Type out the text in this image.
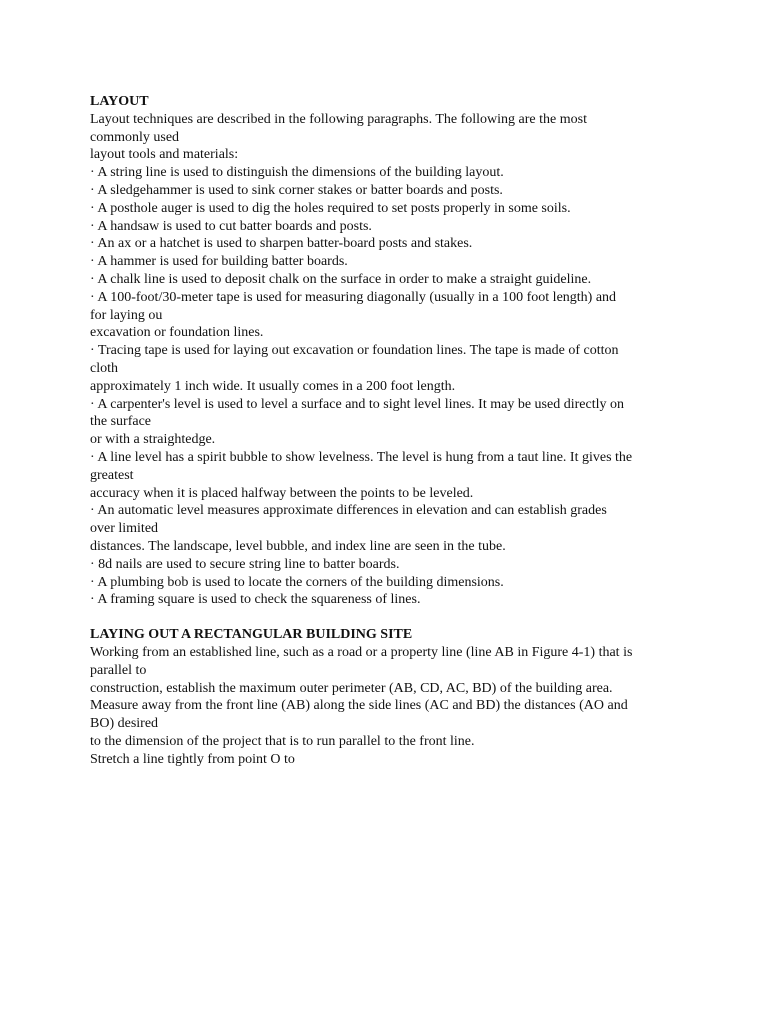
LAYOUT

Layout techniques are described in the following paragraphs. The following are the most

commonly used

layout tools and materials:

· A string line is used to distinguish the dimensions of the building layout.

· A sledgehammer is used to sink corner stakes or batter boards and posts.

· A posthole auger is used to dig the holes required to set posts properly in some soils.

· A handsaw is used to cut batter boards and posts.

· An ax or a hatchet is used to sharpen batter-board posts and stakes.

· A hammer is used for building batter boards.

· A chalk line is used to deposit chalk on the surface in order to make a straight guideline.

· A 100-foot/30-meter tape is used for measuring diagonally (usually in a 100 foot length) and

for laying ou

excavation or foundation lines.

· Tracing tape is used for laying out excavation or foundation lines. The tape is made of cotton

cloth

approximately 1 inch wide. It usually comes in a 200 foot length.

· A carpenter's level is used to level a surface and to sight level lines. It may be used directly on

the surface

or with a straightedge.

· A line level has a spirit bubble to show levelness. The level is hung from a taut line. It gives the

greatest

accuracy when it is placed halfway between the points to be leveled.

· An automatic level measures approximate differences in elevation and can establish grades

over limited

distances. The landscape, level bubble, and index line are seen in the tube.

· 8d nails are used to secure string line to batter boards.

· A plumbing bob is used to locate the corners of the building dimensions.

· A framing square is used to check the squareness of lines.

LAYING OUT A RECTANGULAR BUILDING SITE

Working from an established line, such as a road or a property line (line AB in Figure 4-1) that is

parallel to

construction, establish the maximum outer perimeter (AB, CD, AC, BD) of the building area.

Measure away from the front line (AB) along the side lines (AC and BD) the distances (AO and

BO) desired

to the dimension of the project that is to run parallel to the front line.

Stretch a line tightly from point O to
